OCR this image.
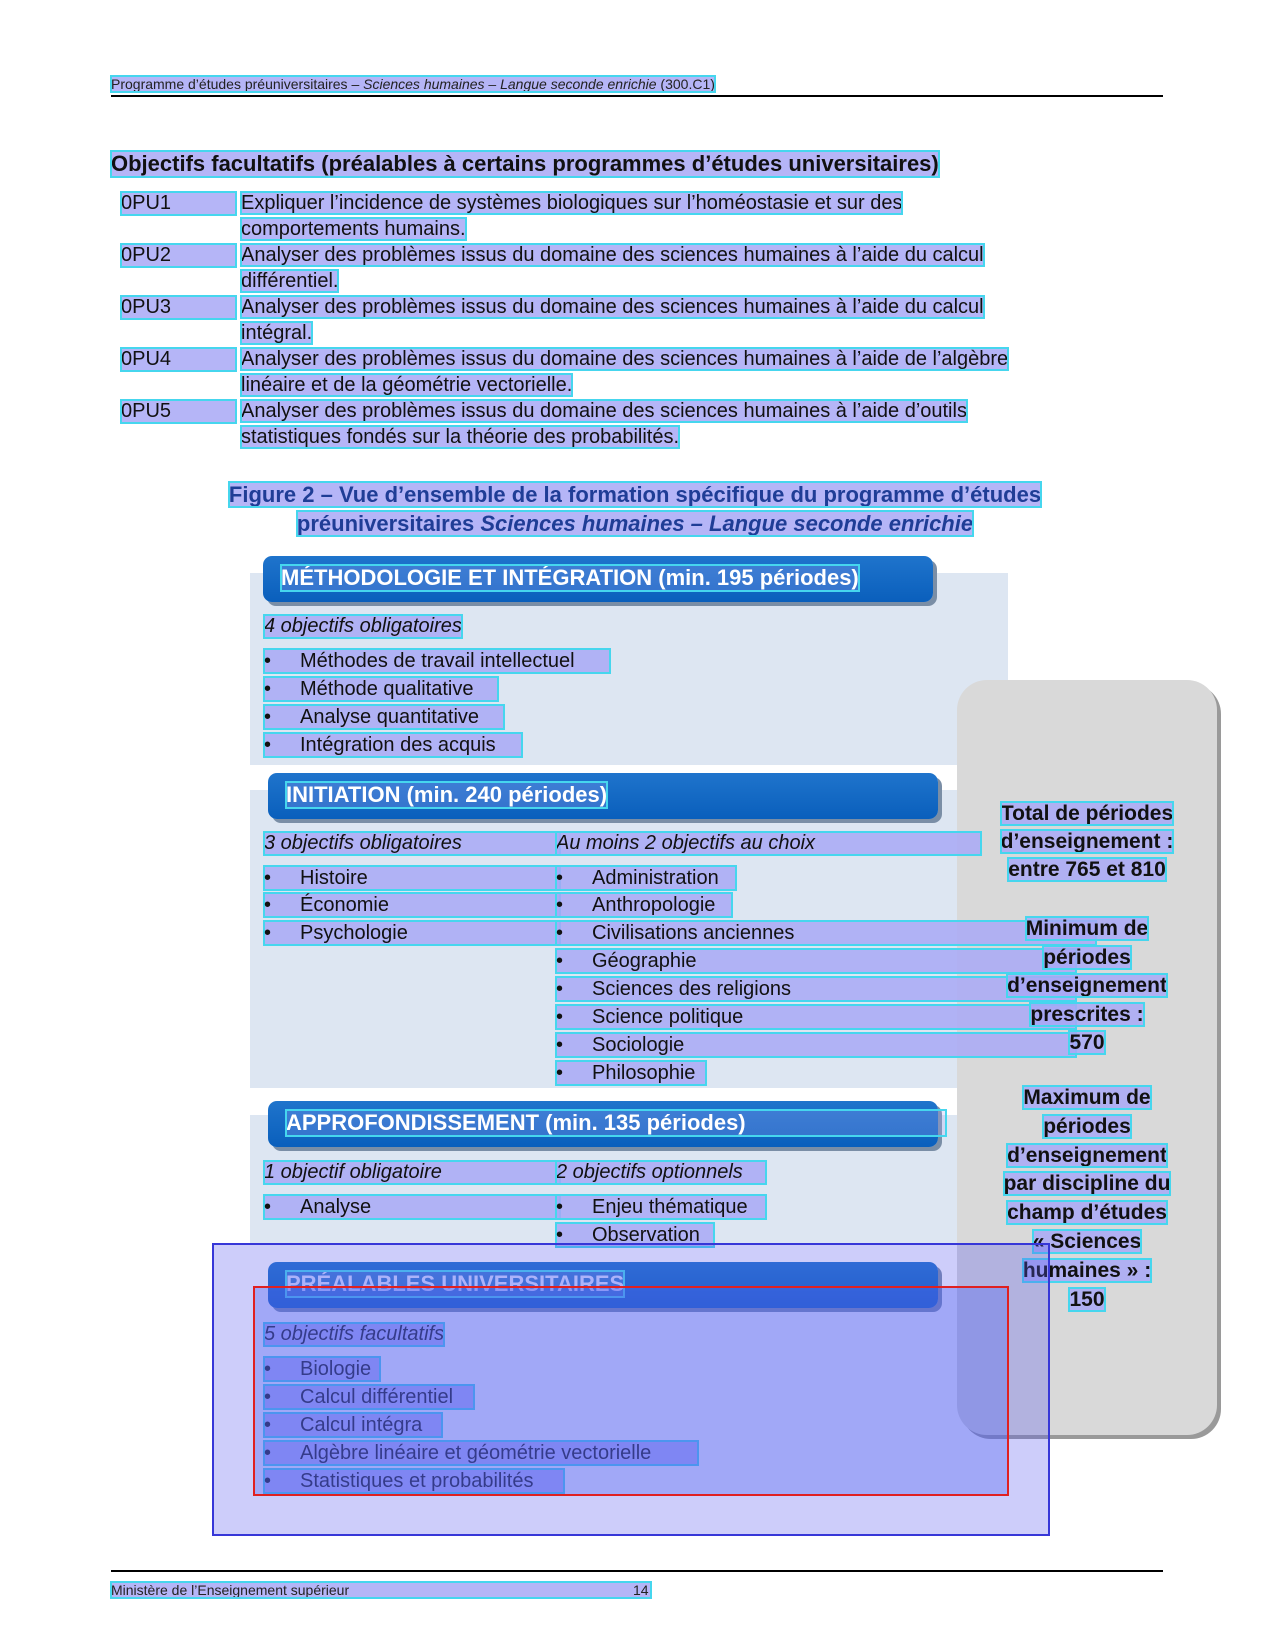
Programme d’études préuniversitaires – Sciences humaines – Langue seconde enrichie (300.C1)
Objectifs facultatifs (préalables à certains programmes d’études universitaires)
0PU1	Expliquer l’incidence de systèmes biologiques sur l’homéostasie et sur des
comportements humains.
0PU2	Analyser des problèmes issus du domaine des sciences humaines à l’aide du calcul
différentiel.
0PU3	Analyser des problèmes issus du domaine des sciences humaines à l’aide du calcul
intégral.
0PU4	Analyser des problèmes issus du domaine des sciences humaines à l’aide de l’algèbre
linéaire et de la géométrie vectorielle.
0PU5	Analyser des problèmes issus du domaine des sciences humaines à l’aide d’outils
statistiques fondés sur la théorie des probabilités.
Figure 2 – Vue d’ensemble de la formation spécifique du programme d’études
préuniversitaires Sciences humaines – Langue seconde enrichie
MÉTHODOLOGIE ET INTÉGRATION (min. 195 périodes)
4 objectifs obligatoires
• Méthodes de travail intellectuel
• Méthode qualitative
• Analyse quantitative
• Intégration des acquis
INITIATION (min. 240 périodes)
3 objectifs obligatoires	Au moins 2 objectifs au choix
• Histoire
• Économie
• Psychologie
• Administration
• Anthropologie
• Civilisations anciennes
• Géographie
• Sciences des religions
• Science politique
• Sociologie
• Philosophie
APPROFONDISSEMENT (min. 135 périodes)
1 objectif obligatoire	2 objectifs optionnels
• Analyse	• Enjeu thématique
• Observation
PRÉALABLES UNIVERSITAIRES
5 objectifs facultatifs
• Biologie
• Calcul différentiel
• Calcul intégra
• Algèbre linéaire et géométrie vectorielle
• Statistiques et probabilités
Total de périodes
d’enseignement :
entre 765 et 810
Minimum de
périodes
d’enseignement
prescrites :
570
Maximum de
périodes
d’enseignement
par discipline du
champ d’études
« Sciences
humaines » :
150
Ministère de l’Enseignement supérieur	14
